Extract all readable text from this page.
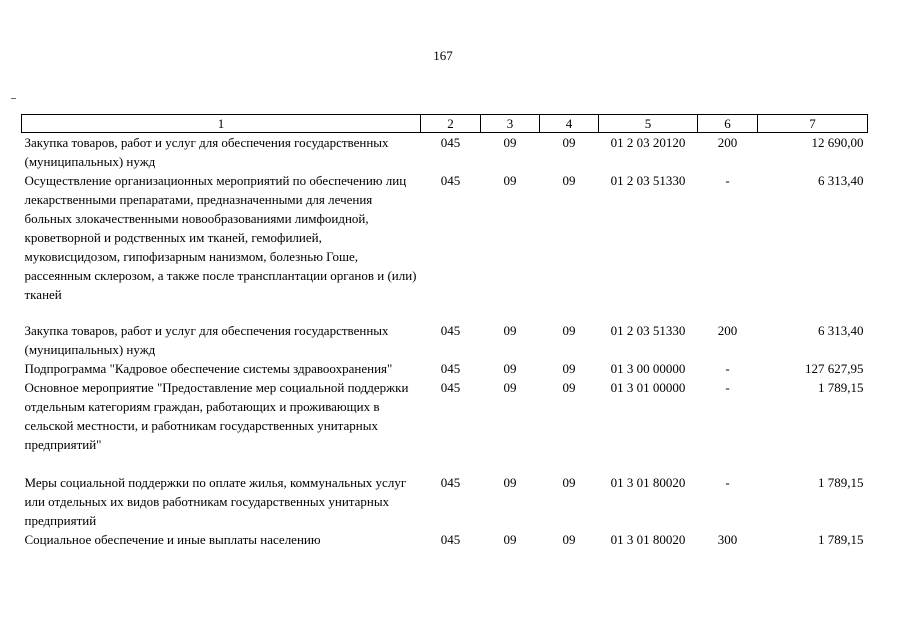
167
1	2	3	4	5	6	7
Закупка товаров, работ и услуг для обеспечения государственных (муниципальных) нужд	045	09	09	01 2 03 20120	200	12 690,00
Осуществление организационных мероприятий по обеспечению лиц лекарственными препаратами, предназначенными для лечения больных злокачественными новообразованиями лимфоидной, кроветворной и родственных им тканей, гемофилией, муковисцидозом, гипофизарным нанизмом, болезнью Гоше, рассеянным склерозом, а также после трансплантации органов и (или) тканей	045	09	09	01 2 03 51330	-	6 313,40
Закупка товаров, работ и услуг для обеспечения государственных (муниципальных) нужд	045	09	09	01 2 03 51330	200	6 313,40
Подпрограмма "Кадровое обеспечение системы здравоохранения"	045	09	09	01 3 00 00000	-	127 627,95
Основное мероприятие "Предоставление мер социальной поддержки отдельным категориям граждан, работающих и проживающих в сельской местности, и работникам государственных унитарных предприятий"	045	09	09	01 3 01 00000	-	1 789,15
Меры социальной поддержки по оплате жилья, коммунальных услуг или отдельных их видов работникам государственных унитарных предприятий	045	09	09	01 3 01 80020	-	1 789,15
Социальное обеспечение и иные выплаты населению	045	09	09	01 3 01 80020	300	1 789,15
